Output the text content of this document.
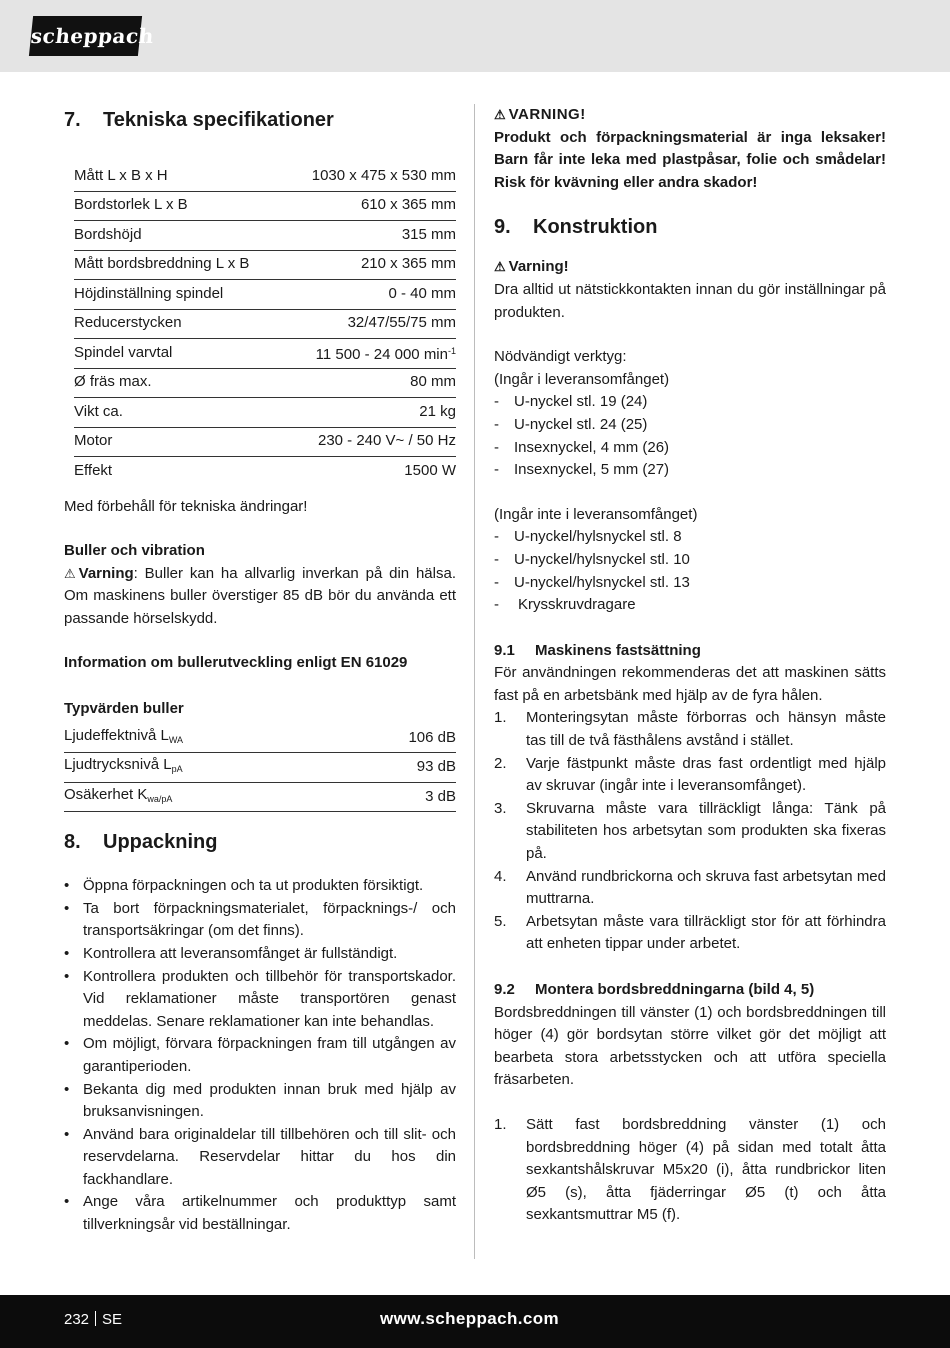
scheppach
7.	Tekniska specifikationer
Mått L x B x H	1030 x 475 x 530 mm
Bordstorlek L x B	610 x 365 mm
Bordshöjd	315 mm
Mått bordsbreddning L x B	210 x 365 mm
Höjdinställning spindel	0 - 40 mm
Reducerstycken	32/47/55/75 mm
Spindel varvtal	11 500 - 24 000 $\min^{-1}$
Ø fräs max.	80 mm
Vikt ca.	21 kg
Motor	230 - 240 V~ / 50 Hz
Effekt	1500 W
Med förbehåll för tekniska ändringar!
Buller och vibration
⚠ Varning: Buller kan ha allvarlig inverkan på din hälsa. Om maskinens buller överstiger 85 dB bör du använda ett passande hörselskydd.
Information om bullerutveckling enligt EN 61029
Typvärden buller
Ljudeffektnivå $L_{WA}$	106 dB
Ljudtrycksnivå $L_{pA}$	93 dB
Osäkerhet $K_{wa/pA}$	3 dB
8.	Uppackning
• Öppna förpackningen och ta ut produkten försiktigt.
• Ta bort förpackningsmaterialet, förpacknings-/ och transportsäkringar (om det finns).
• Kontrollera att leveransomfånget är fullständigt.
• Kontrollera produkten och tillbehör för transportskador. Vid reklamationer måste transportören genast meddelas. Senare reklamationer kan inte behandlas.
• Om möjligt, förvara förpackningen fram till utgången av garantiperioden.
• Bekanta dig med produkten innan bruk med hjälp av bruksanvisningen.
• Använd bara originaldelar till tillbehören och till slit- och reservdelarna. Reservdelar hittar du hos din fackhandlare.
• Ange våra artikelnummer och produkttyp samt tillverkningsår vid beställningar.
⚠ VARNING!
Produkt och förpackningsmaterial är inga leksaker! Barn får inte leka med plastpåsar, folie och smådelar! Risk för kvävning eller andra skador!
9.	Konstruktion
⚠ Varning!
Dra alltid ut nätstickkontakten innan du gör inställningar på produkten.
Nödvändigt verktyg:
(Ingår i leveransomfånget)
- U-nyckel stl. 19 (24)
- U-nyckel stl. 24 (25)
- Insexnyckel, 4 mm (26)
- Insexnyckel, 5 mm (27)
(Ingår inte i leveransomfånget)
- U-nyckel/hylsnyckel stl. 8
- U-nyckel/hylsnyckel stl. 10
- U-nyckel/hylsnyckel stl. 13
- Krysskruvdragare
9.1 Maskinens fastsättning
För användningen rekommenderas det att maskinen sätts fast på en arbetsbänk med hjälp av de fyra hålen.
1. Monteringsytan måste förborras och hänsyn måste tas till de två fästhålens avstånd i stället.
2. Varje fästpunkt måste dras fast ordentligt med hjälp av skruvar (ingår inte i leveransomfånget).
3. Skruvarna måste vara tillräckligt långa: Tänk på stabiliteten hos arbetsytan som produkten ska fixeras på.
4. Använd rundbrickorna och skruva fast arbetsytan med muttrarna.
5. Arbetsytan måste vara tillräckligt stor för att förhindra att enheten tippar under arbetet.
9.2 Montera bordsbreddningarna (bild 4, 5)
Bordsbreddningen till vänster (1) och bordsbreddningen till höger (4) gör bordsytan större vilket gör det möjligt att bearbeta stora arbetsstycken och att utföra speciella fräsarbeten.
1. Sätt fast bordsbreddning vänster (1) och bordsbreddning höger (4) på sidan med totalt åtta sexkantshålskruvar M5x20 (i), åtta rundbrickor liten Ø5 (s), åtta fjäderringar Ø5 (t) och åtta sexkantsmuttrar M5 (f).
232 SE	www.scheppach.com
